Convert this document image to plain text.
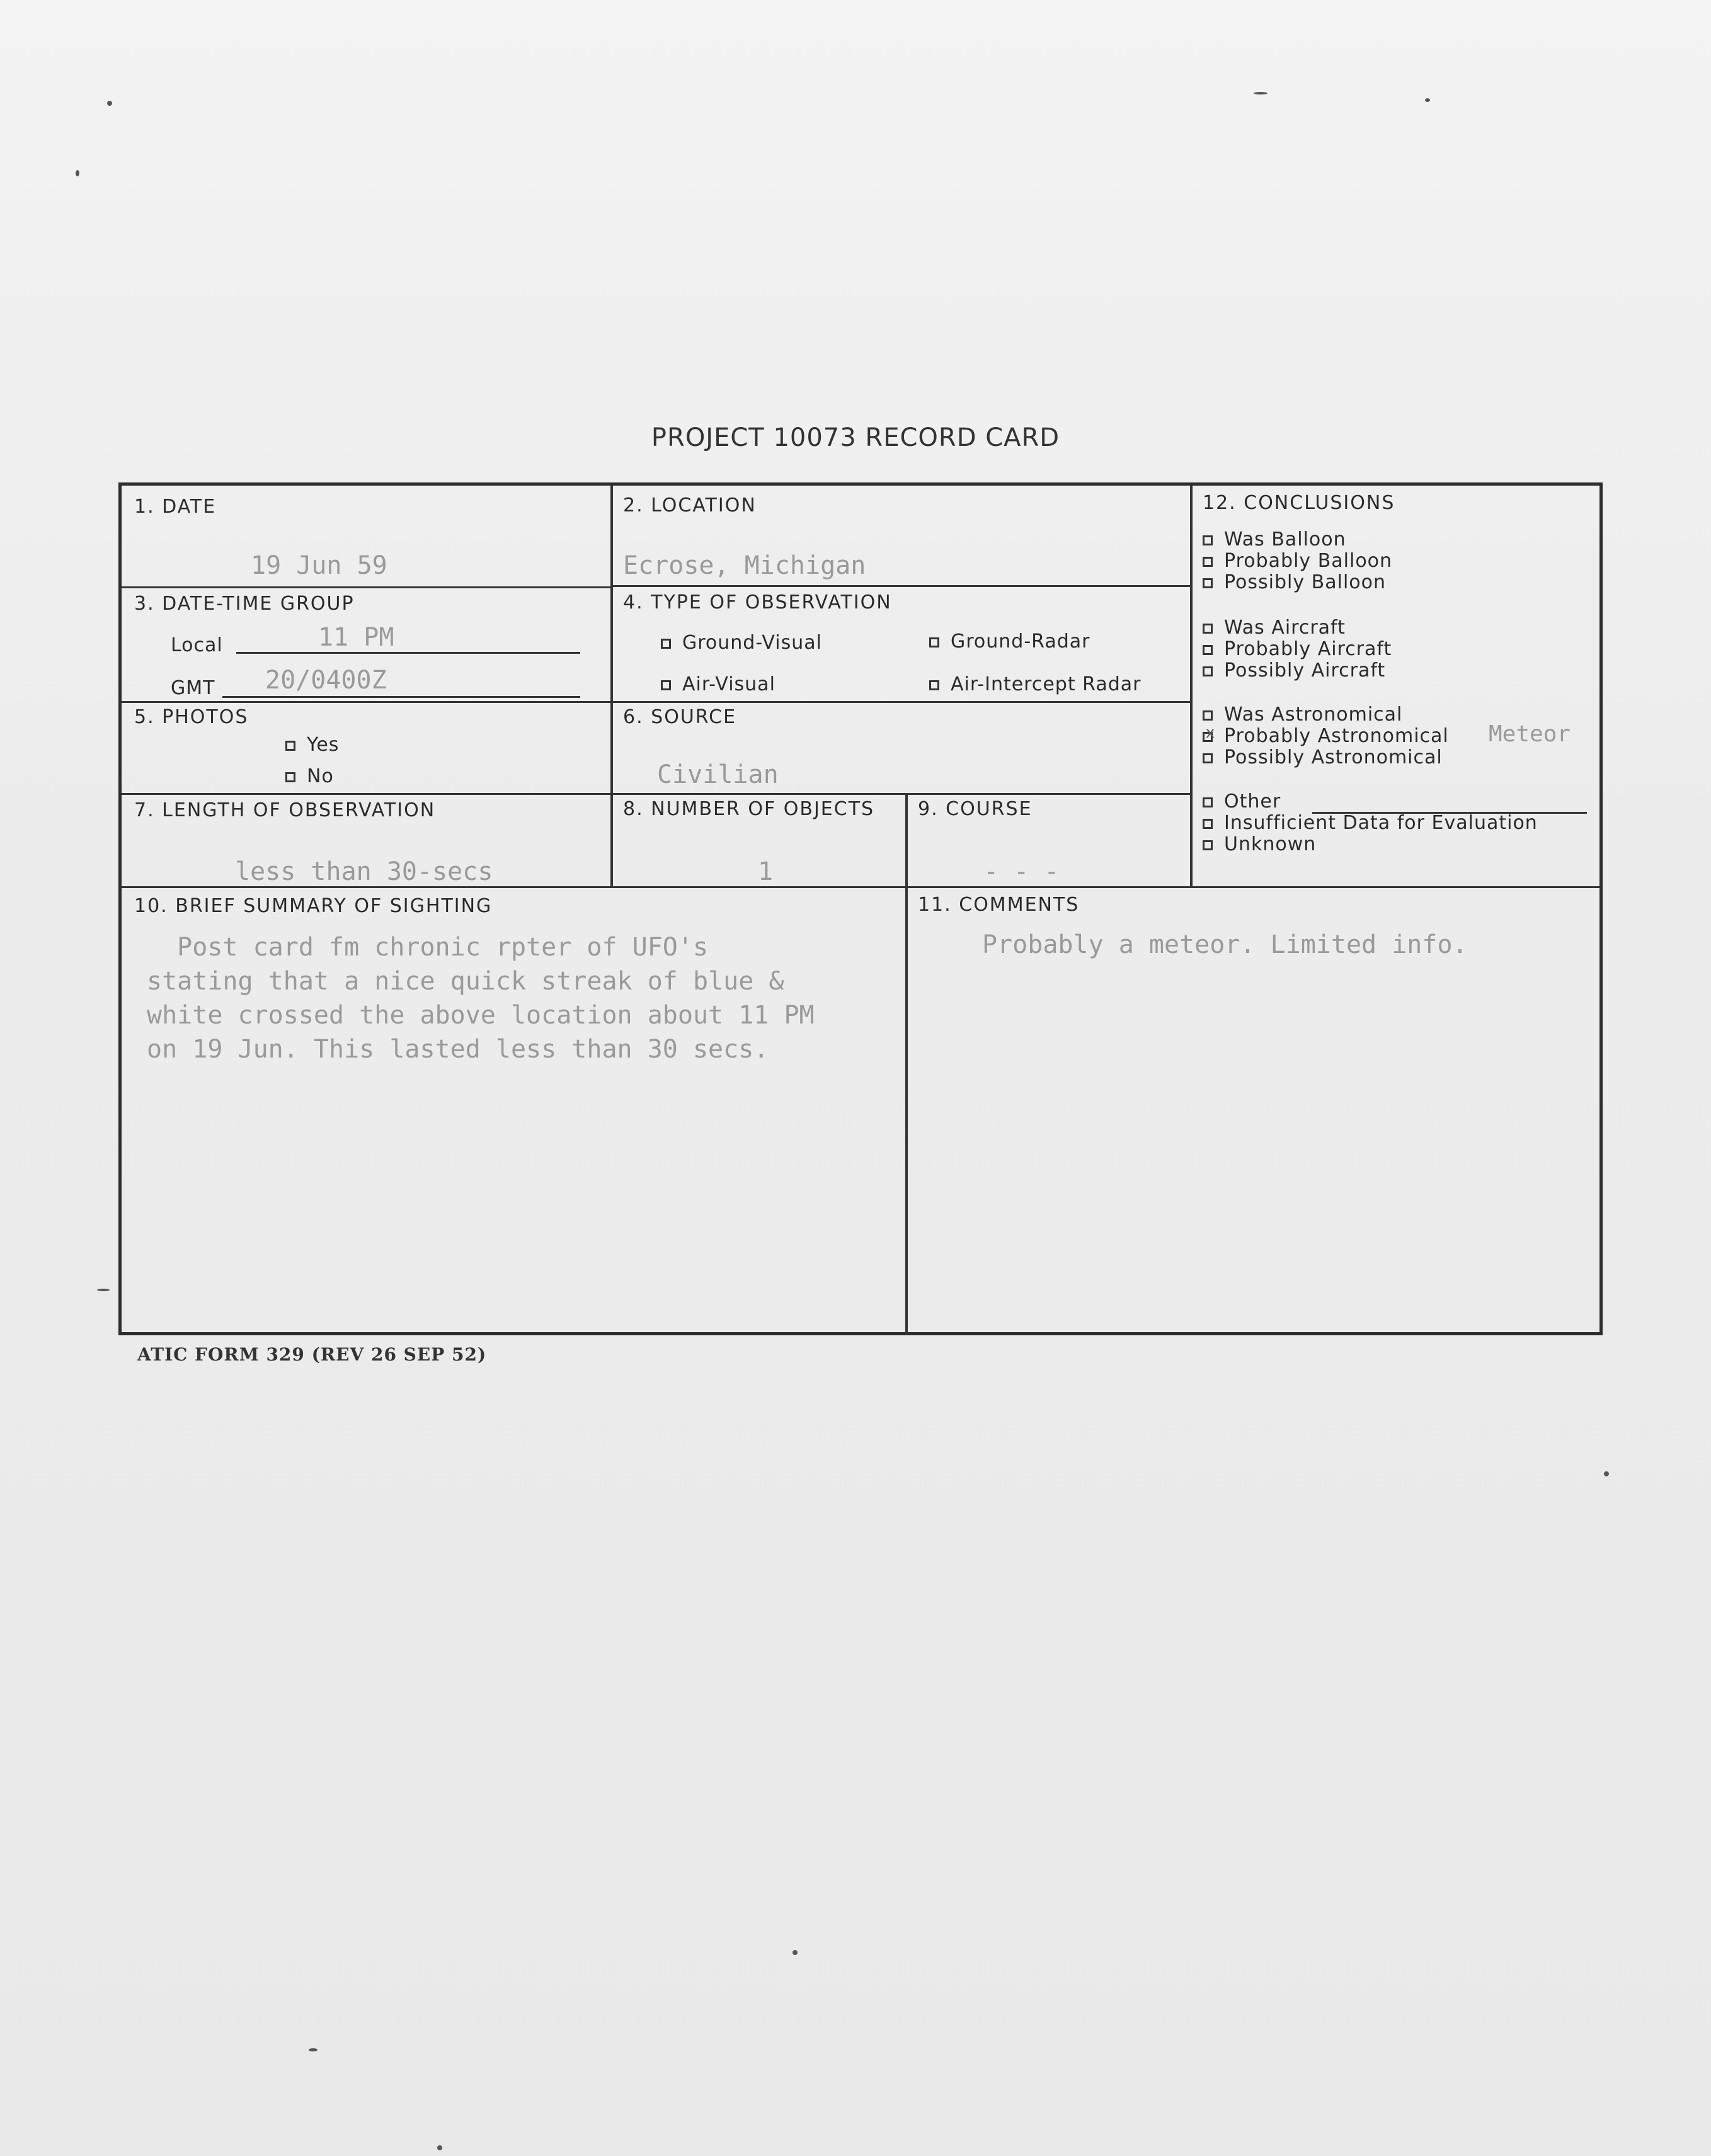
PROJECT 10073 RECORD CARD
1. DATE
19 Jun 59
2. LOCATION
Ecrose, Michigan
3. DATE-TIME GROUP
Local	11 PM
GMT 20/0400Z
4. TYPE OF OBSERVATION
Ground-Visual	Ground-Radar
Air-Visual	Air-Intercept Radar
5. PHOTOS
Yes
No
6. SOURCE
Civilian
7. LENGTH OF OBSERVATION
less than 30-secs
8. NUMBER OF OBJECTS
1
9. COURSE
- - -
10. BRIEF SUMMARY OF SIGHTING
Post card fm chronic rpter of UFO's
stating that a nice quick streak of blue &
white crossed the above location about 11 PM
on 19 Jun. This lasted less than 30 secs.
11. COMMENTS
Probably a meteor. Limited info.
12. CONCLUSIONS
Was Balloon
Probably Balloon
Possibly Balloon
Was Aircraft
Probably Aircraft
Possibly Aircraft
Was Astronomical
x Probably Astronomical
Possibly Astronomical
Meteor
Other
Insufficient Data for Evaluation
Unknown
ATIC FORM 329 (REV 26 SEP 52)
